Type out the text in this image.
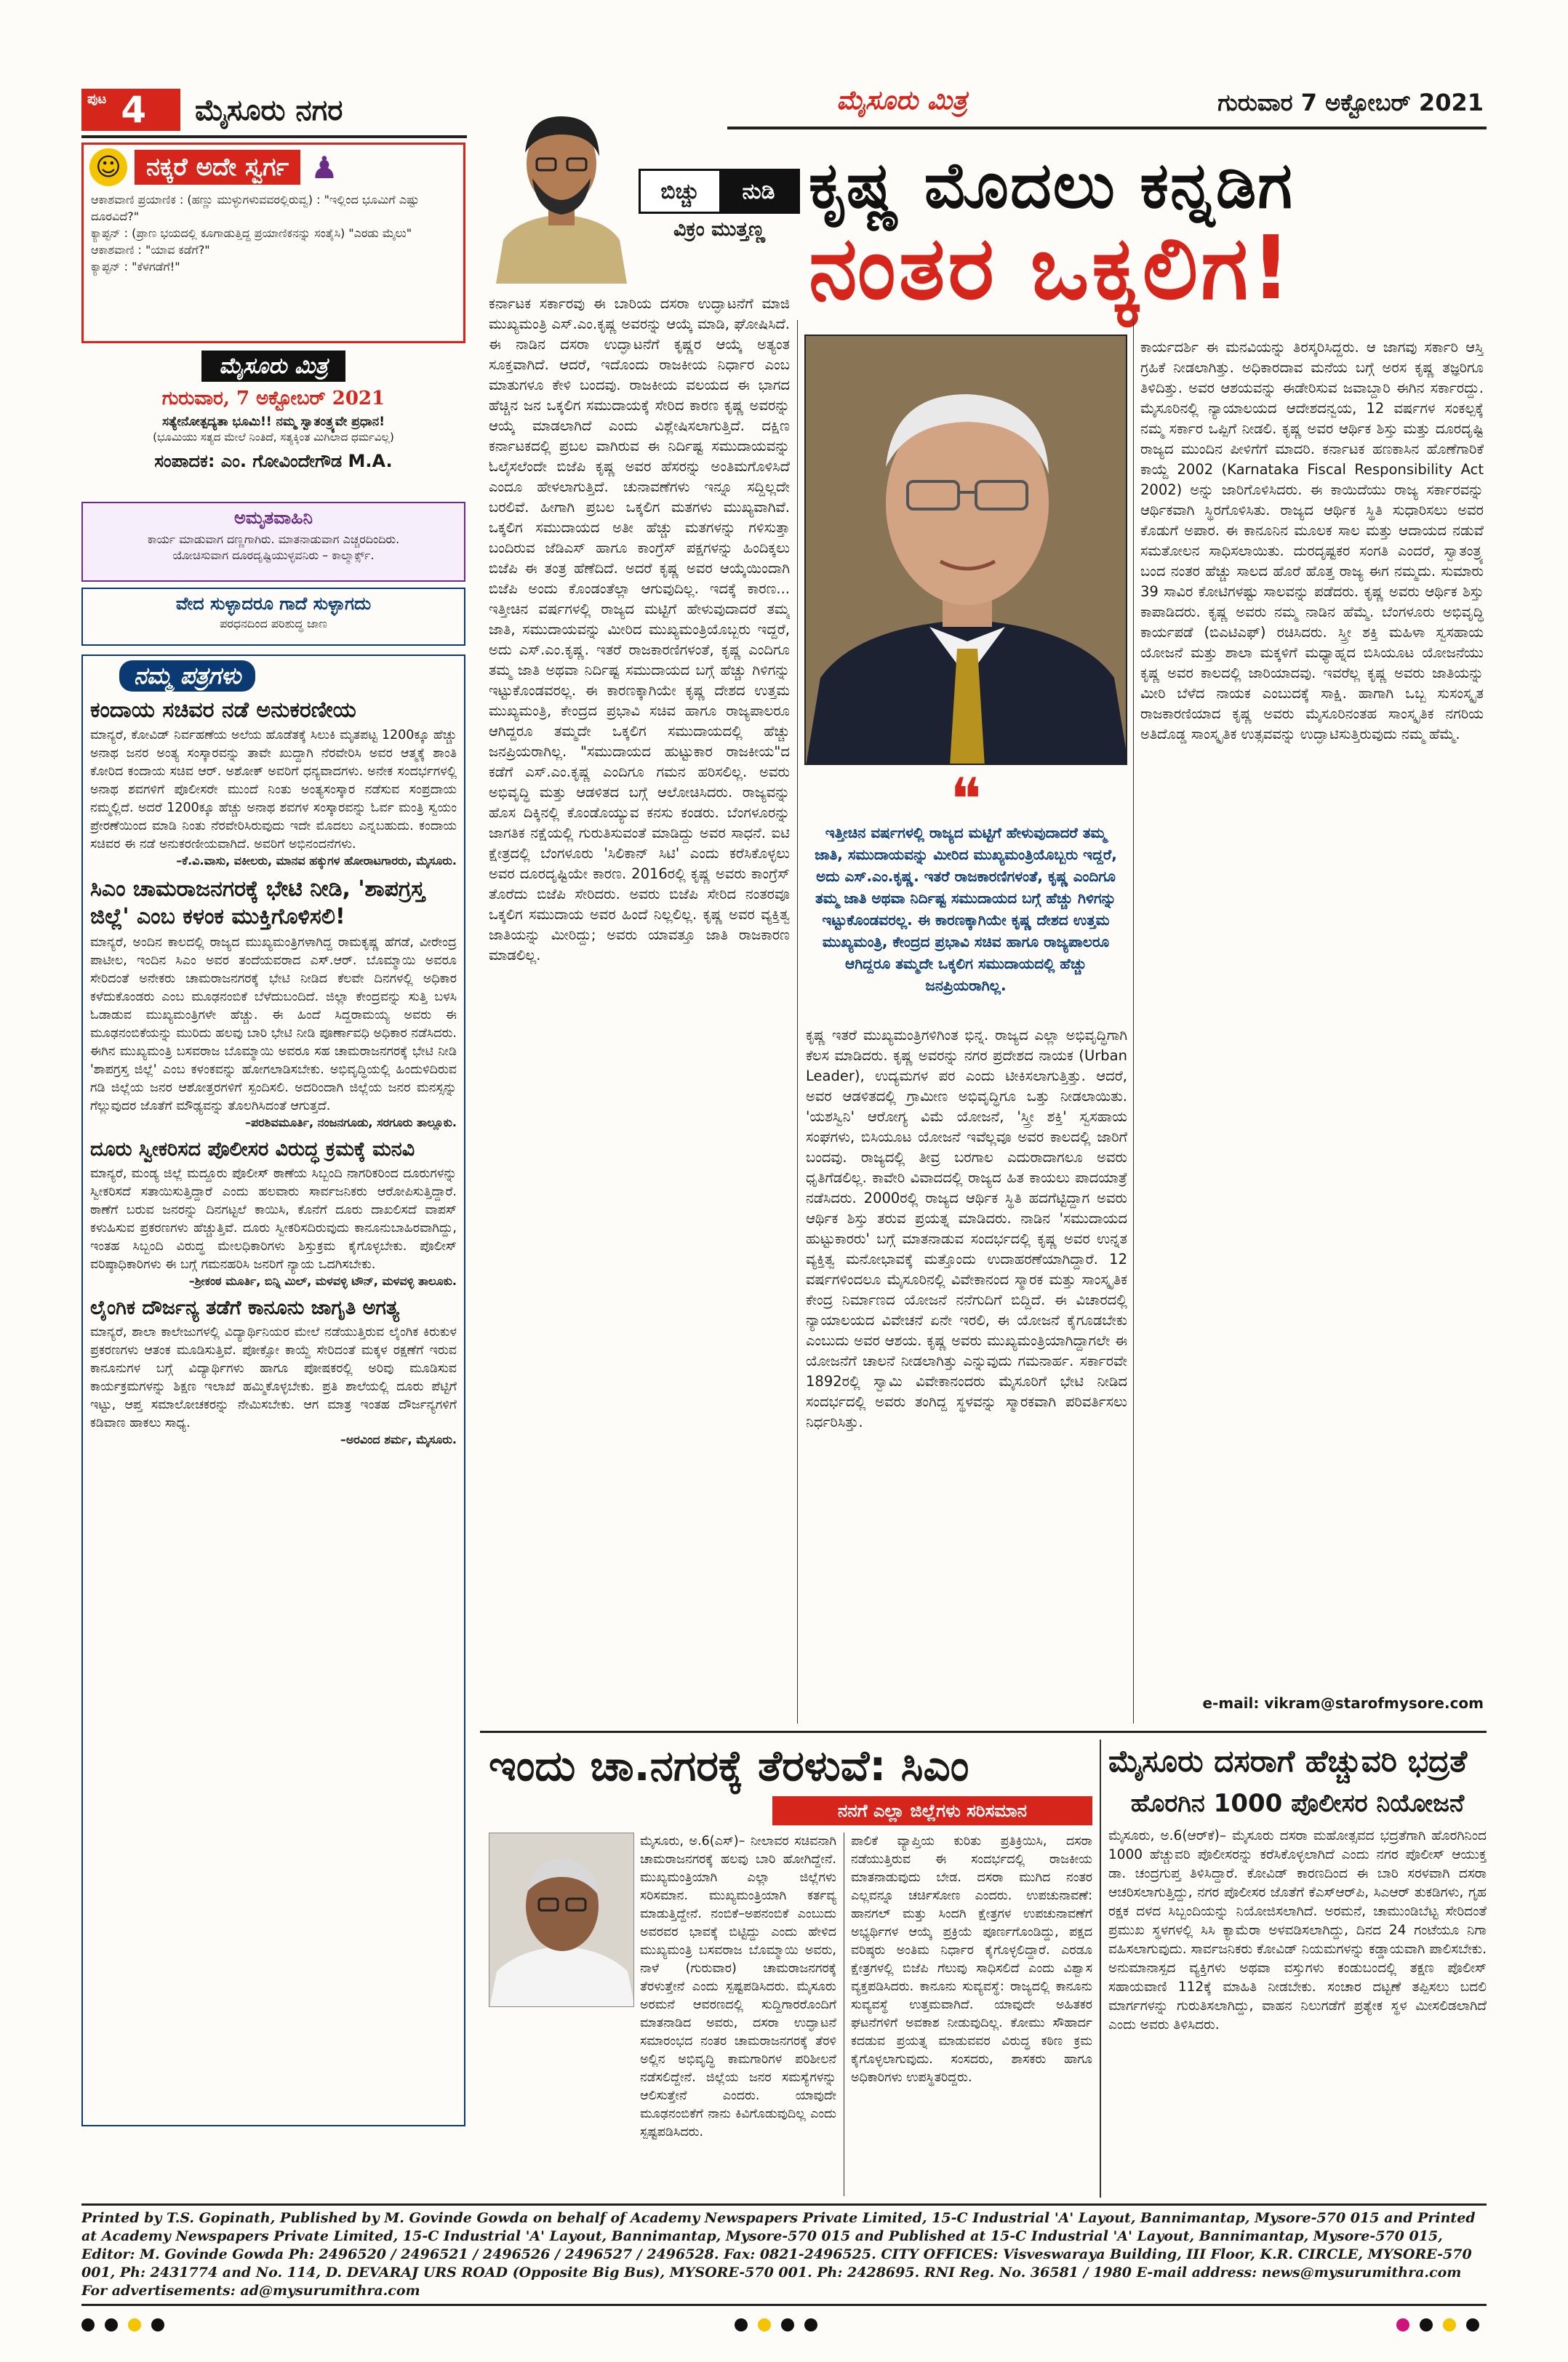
ಪುಟ 4 ಮೈಸೂರು ನಗರ	ಮೈಸೂರು ಮಿತ್ರ	ಗುರುವಾರ 7 ಅಕ್ಟೋಬರ್ 2021
☺	ನಕ್ಕರೆ ಅದೇ ಸ್ವರ್ಗ ♟
ಆಕಾಶವಾಣಿ ಪ್ರಯಾಣಿಕ : (ಹಣ್ಣು ಮುಳ್ಳುಗಳುವವರಲ್ಲಿರುವ್ವ) : "ಇಲ್ಲಿಂದ ಭೂಮಿಗೆ ಎಷ್ಟು ದೂರವಿದೆ?"
ಕ್ಯಾಪ್ಟನ್ : (ಪ್ರಾಣ ಭಯದಲ್ಲಿ ಕೂಗಾಡುತ್ತಿದ್ದ ಪ್ರಯಾಣಿಕನನ್ನು ಸಂತೈಸಿ) "ಎರಡು ಮೈಲು"
ಆಕಾಶವಾಣಿ : "ಯಾವ ಕಡೆಗೆ?"
ಕ್ಯಾಪ್ಟನ್ : "ಕೆಳಗಡೆಗೆ!"
ಮೈಸೂರು ಮಿತ್ರ
ಗುರುವಾರ, 7 ಅಕ್ಟೋಬರ್ 2021
ಸತ್ಯೇನೋತ್ಪದ್ಯತಾ ಭೂಮಿ!! ನಮ್ಮ ಸ್ವಾತಂತ್ರ್ಯವೇ ಪ್ರಧಾನ!
(ಭೂಮಿಯು ಸತ್ಯದ ಮೇಲೆ ನಿಂತಿದೆ, ಸತ್ಯಕ್ಕಿಂತ ಮಿಗಿಲಾದ ಧರ್ಮವಿಲ್ಲ)
ಸಂಪಾದಕ: ಎಂ. ಗೋವಿಂದೇಗೌಡ M.A.
ಅಮೃತವಾಹಿನಿ
ಕಾರ್ಯ ಮಾಡುವಾಗ ದಣ್ಣಗಾಗಿರು. ಮಾತನಾಡುವಾಗ ಎಚ್ಚರದಿಂದಿರು.
ಯೋಚಿಸುವಾಗ ದೂರದೃಷ್ಟಿಯುಳ್ಳವನಿರು – ಕಾಲ್ಮಾರ್ಕ್ಸ್.
ವೇದ ಸುಳ್ಳಾದರೂ ಗಾದೆ ಸುಳ್ಳಾಗದು
ಪರಧನದಿಂದ ಪರಿಶುದ್ಧ ಜಾಣ
ನಮ್ಮ ಪತ್ರಗಳು
ಕಂದಾಯ ಸಚಿವರ ನಡೆ ಅನುಕರಣೀಯ
ಮಾನ್ಯರೆ, ಕೋವಿಡ್ ನಿರ್ವಹಣೆಯ ಅಲೆಯ ಹೊಡೆತಕ್ಕೆ ಸಿಲುಕಿ ಮೃತಪಟ್ಟ 1200ಕ್ಕೂ ಹೆಚ್ಚು ಅನಾಥ ಜನರ ಅಂತ್ಯ ಸಂಸ್ಕಾರವನ್ನು ತಾವೇ ಖುದ್ದಾಗಿ ನೆರವೇರಿಸಿ ಅವರ ಆತ್ಮಕ್ಕೆ ಶಾಂತಿ ಕೋರಿದ ಕಂದಾಯ ಸಚಿವ ಆರ್. ಅಶೋಕ್ ಅವರಿಗೆ ಧನ್ಯವಾದಗಳು. ಅನೇಕ ಸಂದರ್ಭಗಳಲ್ಲಿ ಅನಾಥ ಶವಗಳಿಗೆ ಪೊಲೀಸರೇ ಮುಂದೆ ನಿಂತು ಅಂತ್ಯಸಂಸ್ಕಾರ ನಡೆಸುವ ಸಂಪ್ರದಾಯ ನಮ್ಮಲ್ಲಿದೆ. ಅದರೆ 1200ಕ್ಕೂ ಹೆಚ್ಚು ಅನಾಥ ಶವಗಳ ಸಂಸ್ಕಾರವನ್ನು ಓರ್ವ ಮಂತ್ರಿ ಸ್ವಯಂ ಪ್ರೇರಣೆಯಿಂದ ಮಾಡಿ ನಿಂತು ನೆರವೇರಿಸಿರುವುದು ಇದೇ ಮೊದಲು ಎನ್ನಬಹುದು. ಕಂದಾಯ ಸಚಿವರ ಈ ನಡೆ ಅನುಕರಣೀಯವಾಗಿದೆ. ಅವರಿಗೆ ಅಭಿನಂದನೆಗಳು.
–ಕೆ.ವಿ.ವಾಸು, ವಕೀಲರು, ಮಾನವ ಹಕ್ಕುಗಳ ಹೋರಾಟಗಾರರು, ಮೈಸೂರು.
ಸಿಎಂ ಚಾಮರಾಜನಗರಕ್ಕೆ ಭೇಟಿ ನೀಡಿ, 'ಶಾಪಗ್ರಸ್ತ ಜಿಲ್ಲೆ' ಎಂಬ ಕಳಂಕ ಮುಕ್ತಿಗೊಳಿಸಲಿ!
ಮಾನ್ಯರೆ, ಅಂದಿನ ಕಾಲದಲ್ಲಿ ರಾಜ್ಯದ ಮುಖ್ಯಮಂತ್ರಿಗಳಾಗಿದ್ದ ರಾಮಕೃಷ್ಣ ಹೆಗಡೆ, ವೀರೇಂದ್ರ ಪಾಟೀಲ, ಇಂದಿನ ಸಿಎಂ ಅವರ ತಂದೆಯವರಾದ ಎಸ್.ಆರ್. ಬೊಮ್ಮಾಯಿ ಅವರೂ ಸೇರಿದಂತೆ ಅನೇಕರು ಚಾಮರಾಜನಗರಕ್ಕೆ ಭೇಟಿ ನೀಡಿದ ಕೆಲವೇ ದಿನಗಳಲ್ಲಿ ಅಧಿಕಾರ ಕಳೆದುಕೊಂಡರು ಎಂಬ ಮೂಢನಂಬಿಕೆ ಬೆಳೆದುಬಂದಿದೆ. ಜಿಲ್ಲಾ ಕೇಂದ್ರವನ್ನು ಸುತ್ತಿ ಬಳಸಿ ಓಡಾಡುವ ಮುಖ್ಯಮಂತ್ರಿಗಳೇ ಹೆಚ್ಚು. ಈ ಹಿಂದೆ ಸಿದ್ದರಾಮಯ್ಯ ಅವರು ಈ ಮೂಢನಂಬಿಕೆಯನ್ನು ಮುರಿದು ಹಲವು ಬಾರಿ ಭೇಟಿ ನೀಡಿ ಪೂರ್ಣಾವಧಿ ಅಧಿಕಾರ ನಡೆಸಿದರು. ಈಗಿನ ಮುಖ್ಯಮಂತ್ರಿ ಬಸವರಾಜ ಬೊಮ್ಮಾಯಿ ಅವರೂ ಸಹ ಚಾಮರಾಜನಗರಕ್ಕೆ ಭೇಟಿ ನೀಡಿ 'ಶಾಪಗ್ರಸ್ತ ಜಿಲ್ಲೆ' ಎಂಬ ಕಳಂಕವನ್ನು ಹೋಗಲಾಡಿಸಬೇಕು. ಅಭಿವೃದ್ಧಿಯಲ್ಲಿ ಹಿಂದುಳಿದಿರುವ ಗಡಿ ಜಿಲ್ಲೆಯ ಜನರ ಆಶೋತ್ತರಗಳಿಗೆ ಸ್ಪಂದಿಸಲಿ. ಅದರಿಂದಾಗಿ ಜಿಲ್ಲೆಯ ಜನರ ಮನಸ್ಸನ್ನು ಗೆಲ್ಲುವುದರ ಜೊತೆಗೆ ಮೌಢ್ಯವನ್ನು ತೊಲಗಿಸಿದಂತೆ ಆಗುತ್ತದೆ.
–ಪರಶಿವಮೂರ್ತಿ, ನಂಜನಗೂಡು, ಸರಗೂರು ತಾಲ್ಲೂಕು.
ದೂರು ಸ್ವೀಕರಿಸದ ಪೊಲೀಸರ ವಿರುದ್ಧ ಕ್ರಮಕ್ಕೆ ಮನವಿ
ಮಾನ್ಯರೆ, ಮಂಡ್ಯ ಜಿಲ್ಲೆ ಮದ್ದೂರು ಪೊಲೀಸ್ ಠಾಣೆಯ ಸಿಬ್ಬಂದಿ ನಾಗರಿಕರಿಂದ ದೂರುಗಳನ್ನು ಸ್ವೀಕರಿಸದೆ ಸತಾಯಿಸುತ್ತಿದ್ದಾರೆ ಎಂದು ಹಲವಾರು ಸಾರ್ವಜನಿಕರು ಆರೋಪಿಸುತ್ತಿದ್ದಾರೆ. ಠಾಣೆಗೆ ಬರುವ ಜನರನ್ನು ದಿನಗಟ್ಟಲೆ ಕಾಯಿಸಿ, ಕೊನೆಗೆ ದೂರು ದಾಖಲಿಸದೆ ವಾಪಸ್ ಕಳುಹಿಸುವ ಪ್ರಕರಣಗಳು ಹೆಚ್ಚುತ್ತಿವೆ. ದೂರು ಸ್ವೀಕರಿಸದಿರುವುದು ಕಾನೂನುಬಾಹಿರವಾಗಿದ್ದು, ಇಂತಹ ಸಿಬ್ಬಂದಿ ವಿರುದ್ಧ ಮೇಲಧಿಕಾರಿಗಳು ಶಿಸ್ತುಕ್ರಮ ಕೈಗೊಳ್ಳಬೇಕು. ಪೊಲೀಸ್ ವರಿಷ್ಠಾಧಿಕಾರಿಗಳು ಈ ಬಗ್ಗೆ ಗಮನಹರಿಸಿ ಜನರಿಗೆ ನ್ಯಾಯ ಒದಗಿಸಬೇಕು.
–ಶ್ರೀಕಂಠ ಮೂರ್ತಿ, ಬಿನ್ನಿ ಮಿಲ್, ಮಳವಳ್ಳಿ ಟೌನ್, ಮಳವಳ್ಳಿ ತಾಲೂಕು.
ಲೈಂಗಿಕ ದೌರ್ಜನ್ಯ ತಡೆಗೆ ಕಾನೂನು ಜಾಗೃತಿ ಅಗತ್ಯ
ಮಾನ್ಯರೆ, ಶಾಲಾ ಕಾಲೇಜುಗಳಲ್ಲಿ ವಿದ್ಯಾರ್ಥಿನಿಯರ ಮೇಲೆ ನಡೆಯುತ್ತಿರುವ ಲೈಂಗಿಕ ಕಿರುಕುಳ ಪ್ರಕರಣಗಳು ಆತಂಕ ಮೂಡಿಸುತ್ತಿವೆ. ಪೋಕ್ಸೋ ಕಾಯ್ದೆ ಸೇರಿದಂತೆ ಮಕ್ಕಳ ರಕ್ಷಣೆಗೆ ಇರುವ ಕಾನೂನುಗಳ ಬಗ್ಗೆ ವಿದ್ಯಾರ್ಥಿಗಳು ಹಾಗೂ ಪೋಷಕರಲ್ಲಿ ಅರಿವು ಮೂಡಿಸುವ ಕಾರ್ಯಕ್ರಮಗಳನ್ನು ಶಿಕ್ಷಣ ಇಲಾಖೆ ಹಮ್ಮಿಕೊಳ್ಳಬೇಕು. ಪ್ರತಿ ಶಾಲೆಯಲ್ಲಿ ದೂರು ಪೆಟ್ಟಿಗೆ ಇಟ್ಟು, ಆಪ್ತ ಸಮಾಲೋಚಕರನ್ನು ನೇಮಿಸಬೇಕು. ಆಗ ಮಾತ್ರ ಇಂತಹ ದೌರ್ಜನ್ಯಗಳಿಗೆ ಕಡಿವಾಣ ಹಾಕಲು ಸಾಧ್ಯ.
–ಅರವಿಂದ ಶರ್ಮ, ಮೈಸೂರು.
ಬಿಚ್ಚು	ನುಡಿ
ವಿಕ್ರಂ ಮುತ್ತಣ್ಣ
ಕೃಷ್ಣ ಮೊದಲು ಕನ್ನಡಿಗ
ನಂತರ ಒಕ್ಕಲಿಗ!
ಕರ್ನಾಟಕ ಸರ್ಕಾರವು ಈ ಬಾರಿಯ ದಸರಾ ಉದ್ಘಾಟನೆಗೆ ಮಾಜಿ ಮುಖ್ಯಮಂತ್ರಿ ಎಸ್.ಎಂ.ಕೃಷ್ಣ ಅವರನ್ನು ಆಯ್ಕೆ ಮಾಡಿ, ಘೋಷಿಸಿದೆ. ಈ ನಾಡಿನ ದಸರಾ ಉದ್ಘಾಟನೆಗೆ ಕೃಷ್ಣರ ಆಯ್ಕೆ ಅತ್ಯಂತ ಸೂಕ್ತವಾಗಿದೆ. ಆದರೆ, ಇದೊಂದು ರಾಜಕೀಯ ನಿರ್ಧಾರ ಎಂಬ ಮಾತುಗಳೂ ಕೇಳಿ ಬಂದವು. ರಾಜಕೀಯ ವಲಯದ ಈ ಭಾಗದ ಹೆಚ್ಚಿನ ಜನ ಒಕ್ಕಲಿಗ ಸಮುದಾಯಕ್ಕೆ ಸೇರಿದ ಕಾರಣ ಕೃಷ್ಣ ಅವರನ್ನು ಆಯ್ಕೆ ಮಾಡಲಾಗಿದೆ ಎಂದು ವಿಶ್ಲೇಷಿಸಲಾಗುತ್ತಿದೆ. ದಕ್ಷಿಣ ಕರ್ನಾಟಕದಲ್ಲಿ ಪ್ರಬಲ ವಾಗಿರುವ ಈ ನಿರ್ದಿಷ್ಟ ಸಮುದಾಯವನ್ನು ಓಲೈಸಲೆಂದೇ ಬಿಜೆಪಿ ಕೃಷ್ಣ ಅವರ ಹೆಸರನ್ನು ಅಂತಿಮಗೊಳಿಸಿದೆ ಎಂದೂ ಹೇಳಲಾಗುತ್ತಿದೆ. ಚುನಾವಣೆಗಳು ಇನ್ನೂ ಸದ್ದಿಲ್ಲದೇ ಬರಲಿವೆ. ಹೀಗಾಗಿ ಪ್ರಬಲ ಒಕ್ಕಲಿಗ ಮತಗಳು ಮುಖ್ಯವಾಗಿವೆ. ಒಕ್ಕಲಿಗ ಸಮುದಾಯದ ಅತೀ ಹೆಚ್ಚು ಮತಗಳನ್ನು ಗಳಿಸುತ್ತಾ ಬಂದಿರುವ ಜೆಡಿಎಸ್ ಹಾಗೂ ಕಾಂಗ್ರೆಸ್ ಪಕ್ಷಗಳನ್ನು ಹಿಂದಿಕ್ಕಲು ಬಿಜೆಪಿ ಈ ತಂತ್ರ ಹೆಣೆದಿದೆ. ಅದರೆ ಕೃಷ್ಣ ಅವರ ಆಯ್ಕೆಯಿಂದಾಗಿ ಬಿಜೆಪಿ ಅಂದು ಕೊಂಡಂತೆಲ್ಲಾ ಆಗುವುದಿಲ್ಲ. ಇದಕ್ಕೆ ಕಾರಣ... ಇತ್ತೀಚಿನ ವರ್ಷಗಳಲ್ಲಿ ರಾಜ್ಯದ ಮಟ್ಟಿಗೆ ಹೇಳುವುದಾದರೆ ತಮ್ಮ ಜಾತಿ, ಸಮುದಾಯವನ್ನು ಮೀರಿದ ಮುಖ್ಯಮಂತ್ರಿಯೊಬ್ಬರು ಇದ್ದರೆ, ಅದು ಎಸ್.ಎಂ.ಕೃಷ್ಣ. ಇತರೆ ರಾಜಕಾರಣಿಗಳಂತೆ, ಕೃಷ್ಣ ಎಂದಿಗೂ ತಮ್ಮ ಜಾತಿ ಅಥವಾ ನಿರ್ದಿಷ್ಟ ಸಮುದಾಯದ ಬಗ್ಗೆ ಹೆಚ್ಚು ಗಿಳಿಗನ್ನು ಇಟ್ಟುಕೊಂಡವರಲ್ಲ. ಈ ಕಾರಣಕ್ಕಾಗಿಯೇ ಕೃಷ್ಣ ದೇಶದ ಉತ್ತಮ ಮುಖ್ಯಮಂತ್ರಿ, ಕೇಂದ್ರದ ಪ್ರಭಾವಿ ಸಚಿವ ಹಾಗೂ ರಾಜ್ಯಪಾಲರೂ ಆಗಿದ್ದರೂ ತಮ್ಮದೇ ಒಕ್ಕಲಿಗ ಸಮುದಾಯದಲ್ಲಿ ಹೆಚ್ಚು ಜನಪ್ರಿಯರಾಗಿಲ್ಲ. "ಸಮುದಾಯದ ಹುಟ್ಟುಕಾರ ರಾಜಕೀಯ"ದ ಕಡೆಗೆ ಎಸ್.ಎಂ.ಕೃಷ್ಣ ಎಂದಿಗೂ ಗಮನ ಹರಿಸಲಿಲ್ಲ. ಅವರು ಅಭಿವೃದ್ಧಿ ಮತ್ತು ಆಡಳಿತದ ಬಗ್ಗೆ ಆಲೋಚಿಸಿದರು. ರಾಜ್ಯವನ್ನು ಹೊಸ ದಿಕ್ಕಿನಲ್ಲಿ ಕೊಂಡೊಯ್ಯುವ ಕನಸು ಕಂಡರು. ಬೆಂಗಳೂರನ್ನು ಜಾಗತಿಕ ನಕ್ಷೆಯಲ್ಲಿ ಗುರುತಿಸುವಂತೆ ಮಾಡಿದ್ದು ಅವರ ಸಾಧನೆ. ಐಟಿ ಕ್ಷೇತ್ರದಲ್ಲಿ ಬೆಂಗಳೂರು 'ಸಿಲಿಕಾನ್ ಸಿಟಿ' ಎಂದು ಕರೆಸಿಕೊಳ್ಳಲು ಅವರ ದೂರದೃಷ್ಟಿಯೇ ಕಾರಣ. 2016ರಲ್ಲಿ ಕೃಷ್ಣ ಅವರು ಕಾಂಗ್ರೆಸ್ ತೊರೆದು ಬಿಜೆಪಿ ಸೇರಿದರು. ಅವರು ಬಿಜೆಪಿ ಸೇರಿದ ನಂತರವೂ ಒಕ್ಕಲಿಗ ಸಮುದಾಯ ಅವರ ಹಿಂದೆ ನಿಲ್ಲಲಿಲ್ಲ. ಕೃಷ್ಣ ಅವರ ವ್ಯಕ್ತಿತ್ವ ಜಾತಿಯನ್ನು ಮೀರಿದ್ದು; ಅವರು ಯಾವತ್ತೂ ಜಾತಿ ರಾಜಕಾರಣ ಮಾಡಲಿಲ್ಲ.
❝
ಇತ್ತೀಚಿನ ವರ್ಷಗಳಲ್ಲಿ ರಾಜ್ಯದ ಮಟ್ಟಿಗೆ ಹೇಳುವುದಾದರೆ ತಮ್ಮ ಜಾತಿ, ಸಮುದಾಯವನ್ನು ಮೀರಿದ ಮುಖ್ಯಮಂತ್ರಿಯೊಬ್ಬರು ಇದ್ದರೆ, ಅದು ಎಸ್.ಎಂ.ಕೃಷ್ಣ. ಇತರೆ ರಾಜಕಾರಣಿಗಳಂತೆ, ಕೃಷ್ಣ ಎಂದಿಗೂ ತಮ್ಮ ಜಾತಿ ಅಥವಾ ನಿರ್ದಿಷ್ಟ ಸಮುದಾಯದ ಬಗ್ಗೆ ಹೆಚ್ಚು ಗಿಳಿಗನ್ನು ಇಟ್ಟುಕೊಂಡವರಲ್ಲ. ಈ ಕಾರಣಕ್ಕಾಗಿಯೇ ಕೃಷ್ಣ ದೇಶದ ಉತ್ತಮ ಮುಖ್ಯಮಂತ್ರಿ, ಕೇಂದ್ರದ ಪ್ರಭಾವಿ ಸಚಿವ ಹಾಗೂ ರಾಜ್ಯಪಾಲರೂ ಆಗಿದ್ದರೂ ತಮ್ಮದೇ ಒಕ್ಕಲಿಗ ಸಮುದಾಯದಲ್ಲಿ ಹೆಚ್ಚು ಜನಪ್ರಿಯರಾಗಿಲ್ಲ.
ಕೃಷ್ಣ ಇತರೆ ಮುಖ್ಯಮಂತ್ರಿಗಳಿಗಿಂತ ಭಿನ್ನ. ರಾಜ್ಯದ ಎಲ್ಲಾ ಅಭಿವೃದ್ಧಿಗಾಗಿ ಕೆಲಸ ಮಾಡಿದರು. ಕೃಷ್ಣ ಅವರನ್ನು ನಗರ ಪ್ರದೇಶದ ನಾಯಕ (Urban Leader), ಉದ್ಯಮಗಳ ಪರ ಎಂದು ಟೀಕಿಸಲಾಗುತ್ತಿತ್ತು. ಆದರೆ, ಅವರ ಆಡಳಿತದಲ್ಲಿ ಗ್ರಾಮೀಣ ಅಭಿವೃದ್ಧಿಗೂ ಒತ್ತು ನೀಡಲಾಯಿತು. 'ಯಶಸ್ವಿನಿ' ಆರೋಗ್ಯ ವಿಮೆ ಯೋಜನೆ, 'ಸ್ತ್ರೀ ಶಕ್ತಿ' ಸ್ವಸಹಾಯ ಸಂಘಗಳು, ಬಿಸಿಯೂಟ ಯೋಜನೆ ಇವೆಲ್ಲವೂ ಅವರ ಕಾಲದಲ್ಲಿ ಜಾರಿಗೆ ಬಂದವು. ರಾಜ್ಯದಲ್ಲಿ ತೀವ್ರ ಬರಗಾಲ ಎದುರಾದಾಗಲೂ ಅವರು ಧೃತಿಗೆಡಲಿಲ್ಲ. ಕಾವೇರಿ ವಿವಾದದಲ್ಲಿ ರಾಜ್ಯದ ಹಿತ ಕಾಯಲು ಪಾದಯಾತ್ರೆ ನಡೆಸಿದರು. 2000ರಲ್ಲಿ ರಾಜ್ಯದ ಆರ್ಥಿಕ ಸ್ಥಿತಿ ಹದಗೆಟ್ಟಿದ್ದಾಗ ಅವರು ಆರ್ಥಿಕ ಶಿಸ್ತು ತರುವ ಪ್ರಯತ್ನ ಮಾಡಿದರು. ನಾಡಿನ 'ಸಮುದಾಯದ ಹುಟ್ಟುಕಾರರು' ಬಗ್ಗೆ ಮಾತನಾಡುವ ಸಂದರ್ಭದಲ್ಲಿ ಕೃಷ್ಣ ಅವರ ಉನ್ನತ ವ್ಯಕ್ತಿತ್ವ ಮನೋಭಾವಕ್ಕೆ ಮತ್ತೊಂದು ಉದಾಹರಣೆಯಾಗಿದ್ದಾರೆ. 12 ವರ್ಷಗಳಿಂದಲೂ ಮೈಸೂರಿನಲ್ಲಿ ವಿವೇಕಾನಂದ ಸ್ಮಾರಕ ಮತ್ತು ಸಾಂಸ್ಕೃತಿಕ ಕೇಂದ್ರ ನಿರ್ಮಾಣದ ಯೋಜನೆ ನನೆಗುದಿಗೆ ಬಿದ್ದಿದೆ. ಈ ವಿಚಾರದಲ್ಲಿ ನ್ಯಾಯಾಲಯದ ವಿವೇಚನೆ ಏನೇ ಇರಲಿ, ಈ ಯೋಜನೆ ಕೈಗೂಡಬೇಕು ಎಂಬುದು ಅವರ ಆಶಯ. ಕೃಷ್ಣ ಅವರು ಮುಖ್ಯಮಂತ್ರಿಯಾಗಿದ್ದಾಗಲೇ ಈ ಯೋಜನೆಗೆ ಚಾಲನೆ ನೀಡಲಾಗಿತ್ತು ಎನ್ನುವುದು ಗಮನಾರ್ಹ. ಸರ್ಕಾರವೇ 1892ರಲ್ಲಿ ಸ್ವಾಮಿ ವಿವೇಕಾನಂದರು ಮೈಸೂರಿಗೆ ಭೇಟಿ ನೀಡಿದ ಸಂದರ್ಭದಲ್ಲಿ ಅವರು ತಂಗಿದ್ದ ಸ್ಥಳವನ್ನು ಸ್ಮಾರಕವಾಗಿ ಪರಿವರ್ತಿಸಲು ನಿರ್ಧರಿಸಿತ್ತು.
ಕಾರ್ಯದರ್ಶಿ ಈ ಮನವಿಯನ್ನು ತಿರಸ್ಕರಿಸಿದ್ದರು. ಆ ಜಾಗವು ಸರ್ಕಾರಿ ಆಸ್ತಿ ಗ್ರಹಿಕೆ ನೀಡಲಾಗಿತ್ತು. ಅಧಿಕಾರದಾವ ಮನೆಯ ಬಗ್ಗೆ ಅರಸ ಕೃಷ್ಣ ತಜ್ಞರಿಗೂ ತಿಳಿದಿತ್ತು. ಅವರ ಆಶಯವನ್ನು ಈಡೇರಿಸುವ ಜವಾಬ್ದಾರಿ ಈಗಿನ ಸರ್ಕಾರದ್ದು. ಮೈಸೂರಿನಲ್ಲಿ ನ್ಯಾಯಾಲಯದ ಆದೇಶದನ್ವಯ, 12 ವರ್ಷಗಳ ಸಂಕಲ್ಪಕ್ಕೆ ನಮ್ಮ ಸರ್ಕಾರ ಒಪ್ಪಿಗೆ ನೀಡಲಿ. ಕೃಷ್ಣ ಅವರ ಆರ್ಥಿಕ ಶಿಸ್ತು ಮತ್ತು ದೂರದೃಷ್ಟಿ ರಾಜ್ಯದ ಮುಂದಿನ ಪೀಳಿಗೆಗೆ ಮಾದರಿ. ಕರ್ನಾಟಕ ಹಣಕಾಸಿನ ಹೊಣೆಗಾರಿಕೆ ಕಾಯ್ದೆ 2002 (Karnataka Fiscal Responsibility Act 2002) ಅನ್ನು ಜಾರಿಗೊಳಿಸಿದರು. ಈ ಕಾಯಿದೆಯು ರಾಜ್ಯ ಸರ್ಕಾರವನ್ನು ಆರ್ಥಿಕವಾಗಿ ಸ್ಥಿರಗೊಳಿಸಿತು. ರಾಜ್ಯದ ಆರ್ಥಿಕ ಸ್ಥಿತಿ ಸುಧಾರಿಸಲು ಅವರ ಕೊಡುಗೆ ಅಪಾರ. ಈ ಕಾನೂನಿನ ಮೂಲಕ ಸಾಲ ಮತ್ತು ಆದಾಯದ ನಡುವೆ ಸಮತೋಲನ ಸಾಧಿಸಲಾಯಿತು. ದುರದೃಷ್ಟಕರ ಸಂಗತಿ ಎಂದರೆ, ಸ್ವಾತಂತ್ರ್ಯ ಬಂದ ನಂತರ ಹೆಚ್ಚು ಸಾಲದ ಹೊರೆ ಹೊತ್ತ ರಾಜ್ಯ ಈಗ ನಮ್ಮದು. ಸುಮಾರು 39 ಸಾವಿರ ಕೋಟಿಗಳಷ್ಟು ಸಾಲವನ್ನು ಪಡೆದರು. ಕೃಷ್ಣ ಅವರು ಆರ್ಥಿಕ ಶಿಸ್ತು ಕಾಪಾಡಿದರು. ಕೃಷ್ಣ ಅವರು ನಮ್ಮ ನಾಡಿನ ಹೆಮ್ಮೆ. ಬೆಂಗಳೂರು ಅಭಿವೃದ್ಧಿ ಕಾರ್ಯಪಡೆ (ಬಿಎಟಿಎಫ್) ರಚಿಸಿದರು. ಸ್ತ್ರೀ ಶಕ್ತಿ ಮಹಿಳಾ ಸ್ವಸಹಾಯ ಯೋಜನೆ ಮತ್ತು ಶಾಲಾ ಮಕ್ಕಳಿಗೆ ಮಧ್ಯಾಹ್ನದ ಬಿಸಿಯೂಟ ಯೋಜನೆಯು ಕೃಷ್ಣ ಅವರ ಕಾಲದಲ್ಲಿ ಜಾರಿಯಾದವು. ಇವರೆಲ್ಲ ಕೃಷ್ಣ ಅವರು ಜಾತಿಯನ್ನು ಮೀರಿ ಬೆಳೆದ ನಾಯಕ ಎಂಬುದಕ್ಕೆ ಸಾಕ್ಷಿ. ಹಾಗಾಗಿ ಒಬ್ಬ ಸುಸಂಸ್ಕೃತ ರಾಜಕಾರಣಿಯಾದ ಕೃಷ್ಣ ಅವರು ಮೈಸೂರಿನಂತಹ ಸಾಂಸ್ಕೃತಿಕ ನಗರಿಯ ಅತಿದೊಡ್ಡ ಸಾಂಸ್ಕೃತಿಕ ಉತ್ಸವವನ್ನು ಉದ್ಘಾಟಿಸುತ್ತಿರುವುದು ನಮ್ಮ ಹೆಮ್ಮೆ.
e-mail: vikram@starofmysore.com
ಇಂದು ಚಾ.ನಗರಕ್ಕೆ ತೆರಳುವೆ: ಸಿಎಂ
ನನಗೆ ಎಲ್ಲಾ ಜಿಲ್ಲೆಗಳು ಸರಿಸಮಾನ
ಮೈಸೂರು, ಅ.6(ಎಸ್)– ನೀಲಾವರ ಸಚಿವನಾಗಿ ಚಾಮರಾಜನಗರಕ್ಕೆ ಹಲವು ಬಾರಿ ಹೋಗಿದ್ದೇನೆ. ಮುಖ್ಯಮಂತ್ರಿಯಾಗಿ ಎಲ್ಲಾ ಜಿಲ್ಲೆಗಳು ಸರಿಸಮಾನ. ಮುಖ್ಯಮಂತ್ರಿಯಾಗಿ ಕರ್ತವ್ಯ ಮಾಡುತ್ತಿದ್ದೇನೆ. ನಂಬಿಕೆ–ಅಪನಂಬಿಕೆ ಎಂಬುದು ಅವರವರ ಭಾವಕ್ಕೆ ಬಿಟ್ಟಿದ್ದು ಎಂದು ಹೇಳಿದ ಮುಖ್ಯಮಂತ್ರಿ ಬಸವರಾಜ ಬೊಮ್ಮಾಯಿ ಅವರು, ನಾಳೆ (ಗುರುವಾರ) ಚಾಮರಾಜನಗರಕ್ಕೆ ತೆರಳುತ್ತೇನೆ ಎಂದು ಸ್ಪಷ್ಟಪಡಿಸಿದರು. ಮೈಸೂರು ಅರಮನೆ ಆವರಣದಲ್ಲಿ ಸುದ್ದಿಗಾರರೊಂದಿಗೆ ಮಾತನಾಡಿದ ಅವರು, ದಸರಾ ಉದ್ಘಾಟನೆ ಸಮಾರಂಭದ ನಂತರ ಚಾಮರಾಜನಗರಕ್ಕೆ ತೆರಳಿ ಅಲ್ಲಿನ ಅಭಿವೃದ್ಧಿ ಕಾಮಗಾರಿಗಳ ಪರಿಶೀಲನೆ ನಡೆಸಲಿದ್ದೇನೆ. ಜಿಲ್ಲೆಯ ಜನರ ಸಮಸ್ಯೆಗಳನ್ನು ಆಲಿಸುತ್ತೇನೆ ಎಂದರು. ಯಾವುದೇ ಮೂಢನಂಬಿಕೆಗೆ ನಾನು ಕಿವಿಗೊಡುವುದಿಲ್ಲ ಎಂದು ಸ್ಪಷ್ಟಪಡಿಸಿದರು.
ಪಾಲಿಕೆ ವ್ಯಾಪ್ತಿಯ ಕುರಿತು ಪ್ರತಿಕ್ರಿಯಿಸಿ, ದಸರಾ ನಡೆಯುತ್ತಿರುವ ಈ ಸಂದರ್ಭದಲ್ಲಿ ರಾಜಕೀಯ ಮಾತನಾಡುವುದು ಬೇಡ. ದಸರಾ ಮುಗಿದ ನಂತರ ಎಲ್ಲವನ್ನೂ ಚರ್ಚಿಸೋಣ ಎಂದರು. ಉಪಚುನಾವಣೆ: ಹಾನಗಲ್ ಮತ್ತು ಸಿಂದಗಿ ಕ್ಷೇತ್ರಗಳ ಉಪಚುನಾವಣೆಗೆ ಅಭ್ಯರ್ಥಿಗಳ ಆಯ್ಕೆ ಪ್ರಕ್ರಿಯೆ ಪೂರ್ಣಗೊಂಡಿದ್ದು, ಪಕ್ಷದ ವರಿಷ್ಠರು ಅಂತಿಮ ನಿರ್ಧಾರ ಕೈಗೊಳ್ಳಲಿದ್ದಾರೆ. ಎರಡೂ ಕ್ಷೇತ್ರಗಳಲ್ಲಿ ಬಿಜೆಪಿ ಗೆಲುವು ಸಾಧಿಸಲಿದೆ ಎಂದು ವಿಶ್ವಾಸ ವ್ಯಕ್ತಪಡಿಸಿದರು. ಕಾನೂನು ಸುವ್ಯವಸ್ಥೆ: ರಾಜ್ಯದಲ್ಲಿ ಕಾನೂನು ಸುವ್ಯವಸ್ಥೆ ಉತ್ತಮವಾಗಿದೆ. ಯಾವುದೇ ಅಹಿತಕರ ಘಟನೆಗಳಿಗೆ ಅವಕಾಶ ನೀಡುವುದಿಲ್ಲ. ಕೋಮು ಸೌಹಾರ್ದ ಕದಡುವ ಪ್ರಯತ್ನ ಮಾಡುವವರ ವಿರುದ್ಧ ಕಠಿಣ ಕ್ರಮ ಕೈಗೊಳ್ಳಲಾಗುವುದು. ಸಂಸದರು, ಶಾಸಕರು ಹಾಗೂ ಅಧಿಕಾರಿಗಳು ಉಪಸ್ಥಿತರಿದ್ದರು.
ಮೈಸೂರು ದಸರಾಗೆ ಹೆಚ್ಚುವರಿ ಭದ್ರತೆ
ಹೊರಗಿನ 1000 ಪೊಲೀಸರ ನಿಯೋಜನೆ
ಮೈಸೂರು, ಅ.6(ಆರ್‌ಕೆ)– ಮೈಸೂರು ದಸರಾ ಮಹೋತ್ಸವದ ಭದ್ರತೆಗಾಗಿ ಹೊರಗಿನಿಂದ 1000 ಹೆಚ್ಚುವರಿ ಪೊಲೀಸರನ್ನು ಕರೆಸಿಕೊಳ್ಳಲಾಗಿದೆ ಎಂದು ನಗರ ಪೊಲೀಸ್ ಆಯುಕ್ತ ಡಾ. ಚಂದ್ರಗುಪ್ತ ತಿಳಿಸಿದ್ದಾರೆ. ಕೋವಿಡ್ ಕಾರಣದಿಂದ ಈ ಬಾರಿ ಸರಳವಾಗಿ ದಸರಾ ಆಚರಿಸಲಾಗುತ್ತಿದ್ದು, ನಗರ ಪೊಲೀಸರ ಜೊತೆಗೆ ಕೆಎಸ್‌ಆರ್‌ಪಿ, ಸಿಎಆರ್ ತುಕಡಿಗಳು, ಗೃಹ ರಕ್ಷಕ ದಳದ ಸಿಬ್ಬಂದಿಯನ್ನು ನಿಯೋಜಿಸಲಾಗಿದೆ. ಅರಮನೆ, ಚಾಮುಂಡಿಬೆಟ್ಟ ಸೇರಿದಂತೆ ಪ್ರಮುಖ ಸ್ಥಳಗಳಲ್ಲಿ ಸಿಸಿ ಕ್ಯಾಮೆರಾ ಅಳವಡಿಸಲಾಗಿದ್ದು, ದಿನದ 24 ಗಂಟೆಯೂ ನಿಗಾ ವಹಿಸಲಾಗುವುದು. ಸಾರ್ವಜನಿಕರು ಕೋವಿಡ್ ನಿಯಮಗಳನ್ನು ಕಡ್ಡಾಯವಾಗಿ ಪಾಲಿಸಬೇಕು. ಅನುಮಾನಾಸ್ಪದ ವ್ಯಕ್ತಿಗಳು ಅಥವಾ ವಸ್ತುಗಳು ಕಂಡುಬಂದಲ್ಲಿ ತಕ್ಷಣ ಪೊಲೀಸ್ ಸಹಾಯವಾಣಿ 112ಕ್ಕೆ ಮಾಹಿತಿ ನೀಡಬೇಕು. ಸಂಚಾರ ದಟ್ಟಣೆ ತಪ್ಪಿಸಲು ಬದಲಿ ಮಾರ್ಗಗಳನ್ನು ಗುರುತಿಸಲಾಗಿದ್ದು, ವಾಹನ ನಿಲುಗಡೆಗೆ ಪ್ರತ್ಯೇಕ ಸ್ಥಳ ಮೀಸಲಿಡಲಾಗಿದೆ ಎಂದು ಅವರು ತಿಳಿಸಿದರು.
Printed by T.S. Gopinath, Published by M. Govinde Gowda on behalf of Academy Newspapers Private Limited, 15-C Industrial 'A' Layout, Bannimantap, Mysore-570 015 and Printed at Academy Newspapers Private Limited, 15-C Industrial 'A' Layout, Bannimantap, Mysore-570 015 and Published at 15-C Industrial 'A' Layout, Bannimantap, Mysore-570 015, Editor: M. Govinde Gowda Ph: 2496520 / 2496521 / 2496526 / 2496527 / 2496528. Fax: 0821-2496525. CITY OFFICES: Visveswaraya Building, III Floor, K.R. CIRCLE, MYSORE-570 001, Ph: 2431774 and No. 114, D. DEVARAJ URS ROAD (Opposite Big Bus), MYSORE-570 001. Ph: 2428695. RNI Reg. No. 36581 / 1980 E-mail address: news@mysurumithra.com For advertisements: ad@mysurumithra.com
